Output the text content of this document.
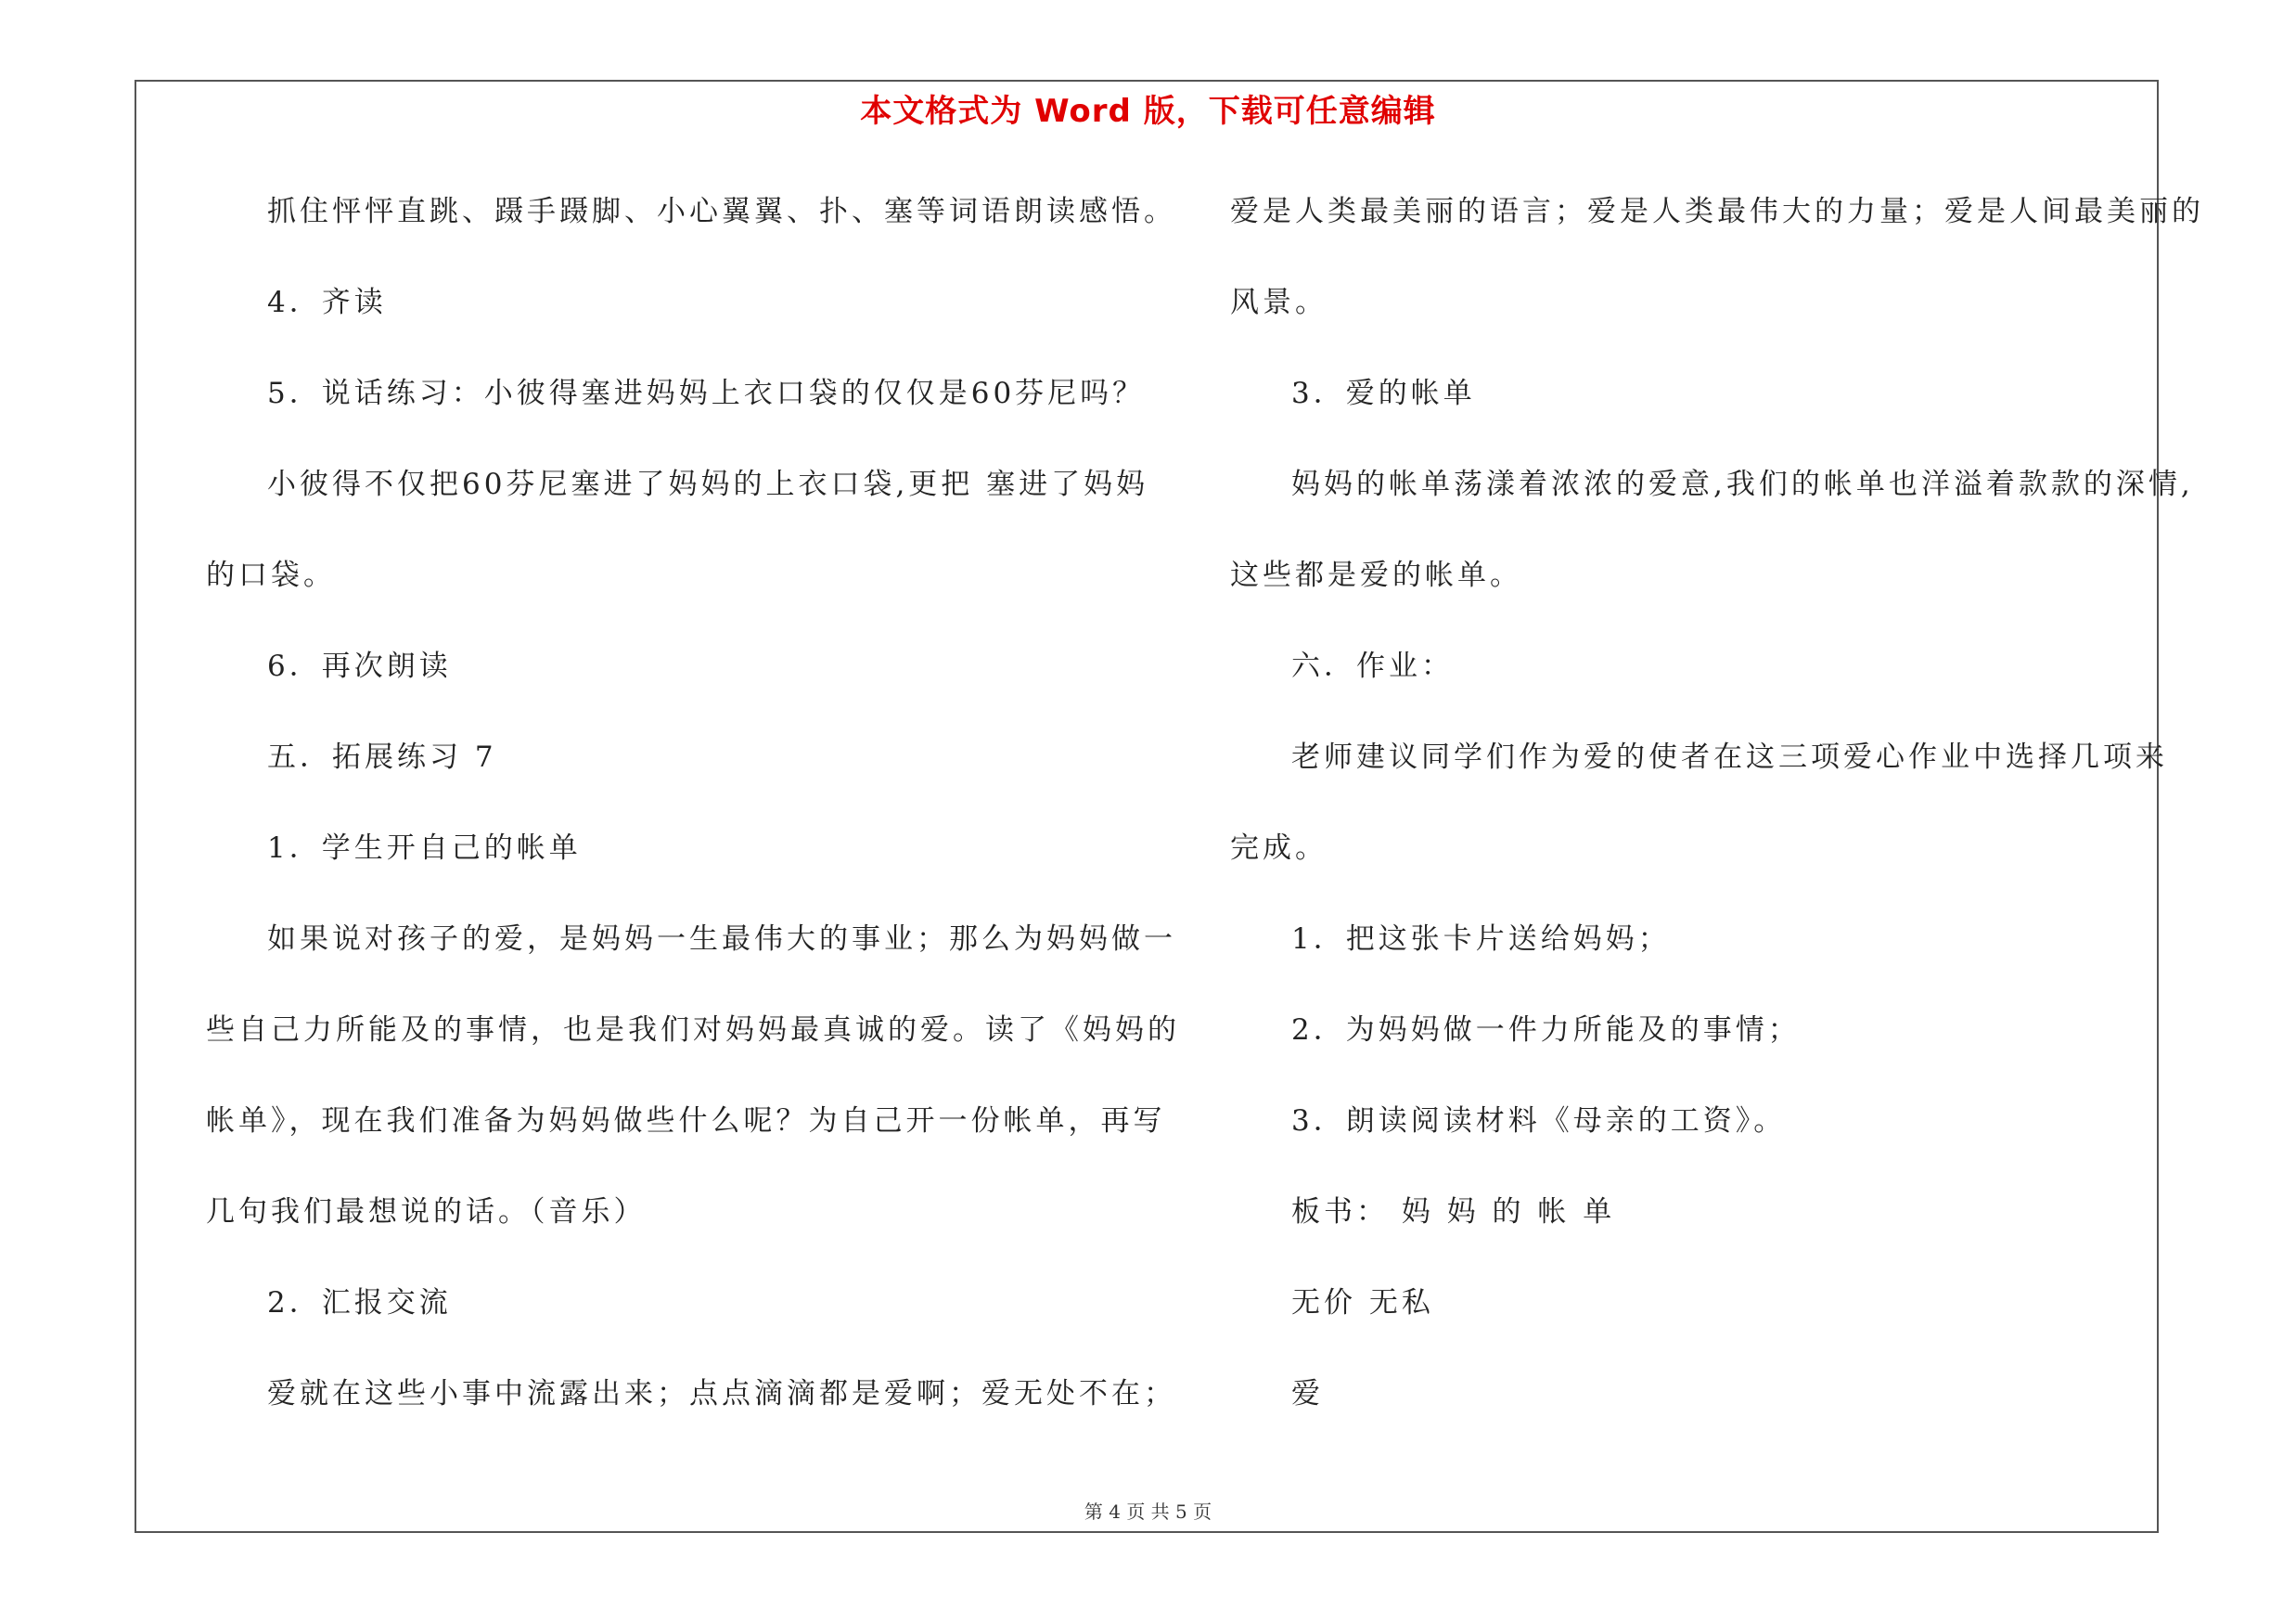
本文格式为 Word 版，下载可任意编辑
抓住怦怦直跳、蹑手蹑脚、小心翼翼、扑、塞等词语朗读感悟。
4．齐读
5．说话练习：小彼得塞进妈妈上衣口袋的仅仅是60芬尼吗？
小彼得不仅把60芬尼塞进了妈妈的上衣口袋,更把 塞进了妈妈
的口袋。
6．再次朗读
五．拓展练习 7
1．学生开自己的帐单
如果说对孩子的爱，是妈妈一生最伟大的事业；那么为妈妈做一
些自己力所能及的事情，也是我们对妈妈最真诚的爱。读了《妈妈的
帐单》，现在我们准备为妈妈做些什么呢？为自己开一份帐单，再写
几句我们最想说的话。（音乐）
2．汇报交流
爱就在这些小事中流露出来；点点滴滴都是爱啊；爱无处不在；
爱是人类最美丽的语言；爱是人类最伟大的力量；爱是人间最美丽的
风景。
3．爱的帐单
妈妈的帐单荡漾着浓浓的爱意,我们的帐单也洋溢着款款的深情,
这些都是爱的帐单。
六．作业：
老师建议同学们作为爱的使者在这三项爱心作业中选择几项来
完成。
1．把这张卡片送给妈妈；
2．为妈妈做一件力所能及的事情；
3．朗读阅读材料《母亲的工资》。
板书： 妈 妈 的 帐 单
无价 无私
爱
第 4 页 共 5 页
